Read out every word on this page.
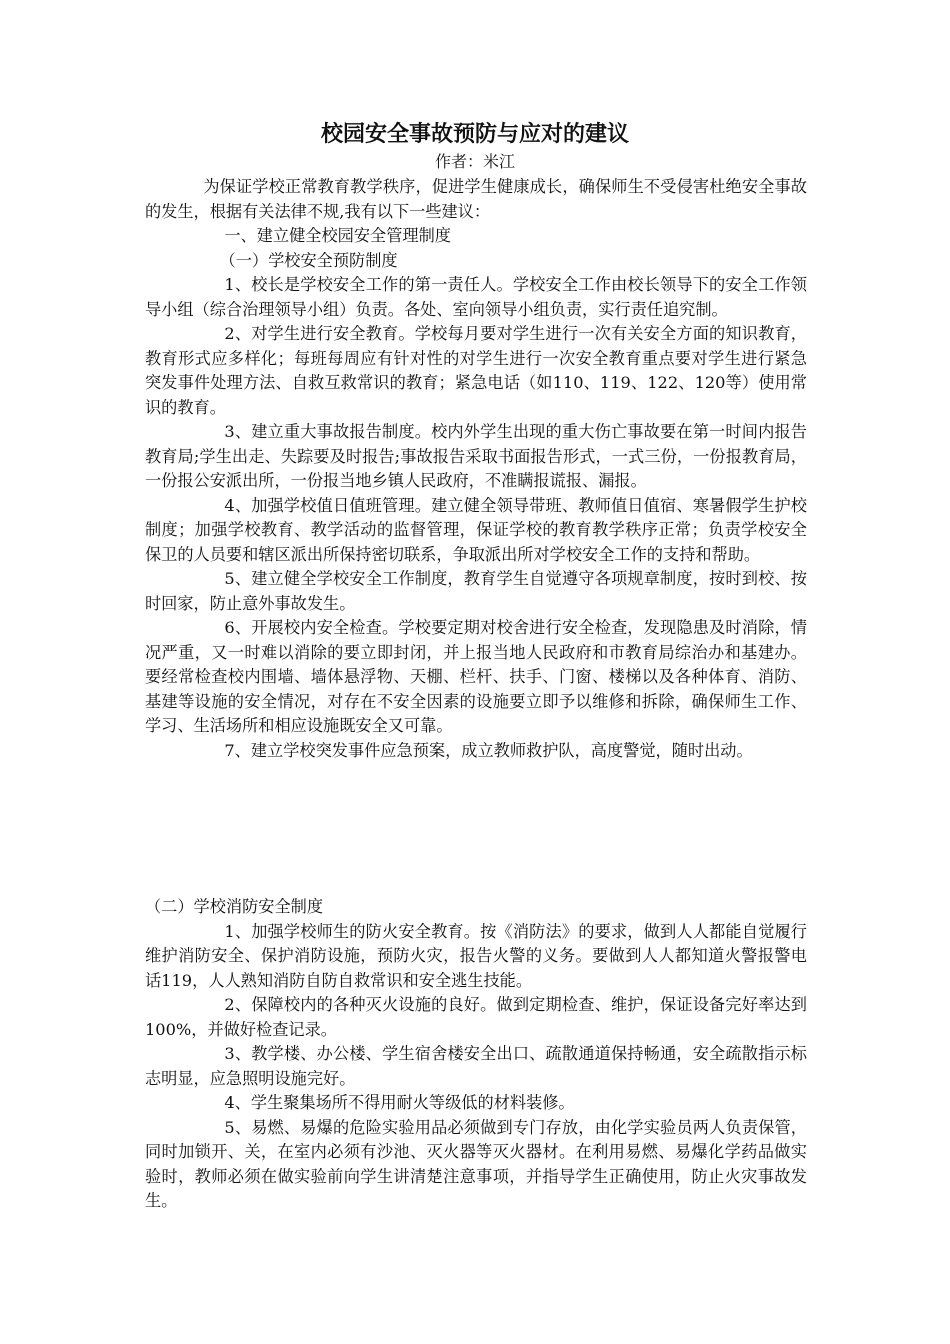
校园安全事故预防与应对的建议
作者：米江

为保证学校正常教育教学秩序，促进学生健康成长，确保师生不受侵害杜绝安全事故的发生，根据有关法律不规,我有以下一些建议：

一、建立健全校园安全管理制度

（一）学校安全预防制度

1、校长是学校安全工作的第一责任人。学校安全工作由校长领导下的安全工作领导小组（综合治理领导小组）负责。各处、室向领导小组负责，实行责任追究制。

2、对学生进行安全教育。学校每月要对学生进行一次有关安全方面的知识教育，教育形式应多样化；每班每周应有针对性的对学生进行一次安全教育重点要对学生进行紧急突发事件处理方法、自救互救常识的教育；紧急电话（如110、119、122、120等）使用常识的教育。

3、建立重大事故报告制度。校内外学生出现的重大伤亡事故要在第一时间内报告教育局;学生出走、失踪要及时报告;事故报告采取书面报告形式，一式三份，一份报教育局，一份报公安派出所，一份报当地乡镇人民政府，不准瞒报谎报、漏报。

4、加强学校值日值班管理。建立健全领导带班、教师值日值宿、寒暑假学生护校制度；加强学校教育、教学活动的监督管理，保证学校的教育教学秩序正常；负责学校安全保卫的人员要和辖区派出所保持密切联系，争取派出所对学校安全工作的支持和帮助。

5、建立健全学校安全工作制度，教育学生自觉遵守各项规章制度，按时到校、按时回家，防止意外事故发生。

6、开展校内安全检查。学校要定期对校舍进行安全检查，发现隐患及时消除，情况严重，又一时难以消除的要立即封闭，并上报当地人民政府和市教育局综治办和基建办。要经常检查校内围墙、墙体悬浮物、天棚、栏杆、扶手、门窗、楼梯以及各种体育、消防、基建等设施的安全情况，对存在不安全因素的设施要立即予以维修和拆除，确保师生工作、学习、生活场所和相应设施既安全又可靠。

7、建立学校突发事件应急预案，成立教师救护队，高度警觉，随时出动。

（二）学校消防安全制度

1、加强学校师生的防火安全教育。按《消防法》的要求，做到人人都能自觉履行维护消防安全、保护消防设施，预防火灾，报告火警的义务。要做到人人都知道火警报警电话119，人人熟知消防自防自救常识和安全逃生技能。

2、保障校内的各种灭火设施的良好。做到定期检查、维护，保证设备完好率达到100%，并做好检查记录。

3、教学楼、办公楼、学生宿舍楼安全出口、疏散通道保持畅通，安全疏散指示标志明显，应急照明设施完好。

4、学生聚集场所不得用耐火等级低的材料装修。

5、易燃、易爆的危险实验用品必须做到专门存放，由化学实验员两人负责保管，同时加锁开、关，在室内必须有沙池、灭火器等灭火器材。在利用易燃、易爆化学药品做实验时，教师必须在做实验前向学生讲清楚注意事项，并指导学生正确使用，防止火灾事故发生。
